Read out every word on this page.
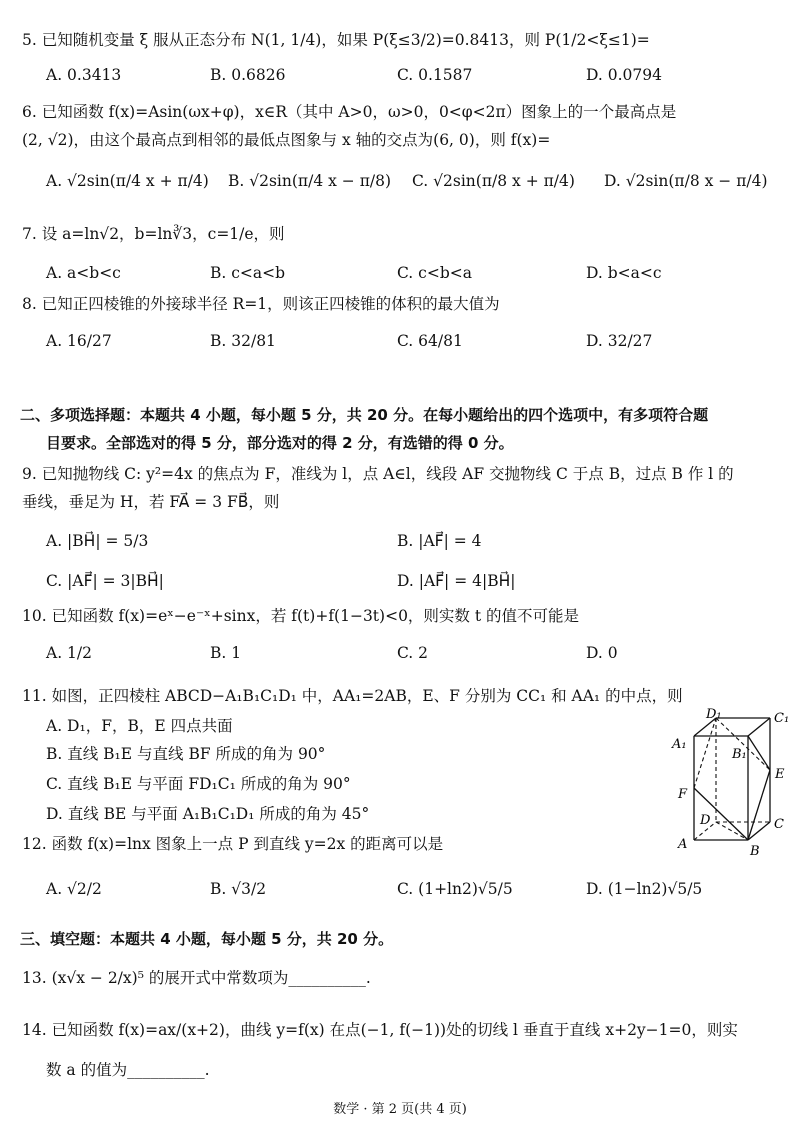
5. 已知随机变量 ξ 服从正态分布 N(1, 1/4)，如果 P(ξ≤3/2)=0.8413，则 P(1/2<ξ≤1)=
A. 0.3413	B. 0.6826	C. 0.1587	D. 0.0794
6. 已知函数 f(x)=Asin(ωx+φ)，x∈R（其中 A>0，ω>0，0<φ<2π）图象上的一个最高点是
(2, √2)，由这个最高点到相邻的最低点图象与 x 轴的交点为(6, 0)，则 f(x)=
A. √2sin(π/4 x + π/4) B. √2sin(π/4 x − π/8) C. √2sin(π/8 x + π/4) D. √2sin(π/8 x − π/4)
7. 设 a=ln√2，b=ln∛3，c=1/e，则
A. a<b<c	B. c<a<b	C. c<b<a	D. b<a<c
8. 已知正四棱锥的外接球半径 R=1，则该正四棱锥的体积的最大值为
A. 16/27	B. 32/81	C. 64/81	D. 32/27
二、多项选择题：本题共 4 小题，每小题 5 分，共 20 分。在每小题给出的四个选项中，有多项符合题
目要求。全部选对的得 5 分，部分选对的得 2 分，有选错的得 0 分。
9. 已知抛物线 C: y²=4x 的焦点为 F，准线为 l，点 A∈l，线段 AF 交抛物线 C 于点 B，过点 B 作 l 的
垂线，垂足为 H，若 FA⃗ = 3 FB⃗，则
A. |BH⃗| = 5/3	B. |AF⃗| = 4
C. |AF⃗| = 3|BH⃗|	D. |AF⃗| = 4|BH⃗|
10. 已知函数 f(x)=eˣ−e⁻ˣ+sinx，若 f(t)+f(1−3t)<0，则实数 t 的值不可能是
A. 1/2	B. 1	C. 2	D. 0
11. 如图，正四棱柱 ABCD−A₁B₁C₁D₁ 中，AA₁=2AB，E、F 分别为 CC₁ 和 AA₁ 的中点，则
A. D₁，F，B，E 四点共面
B. 直线 B₁E 与直线 BF 所成的角为 90°
C. 直线 B₁E 与平面 FD₁C₁ 所成的角为 90°
D. 直线 BE 与平面 A₁B₁C₁D₁ 所成的角为 45°
D₁	C₁
A₁
B₁
E
F
D	C
A	B
12. 函数 f(x)=lnx 图象上一点 P 到直线 y=2x 的距离可以是
A. √2/2	B. √3/2	C. (1+ln2)√5/5	D. (1−ln2)√5/5
三、填空题：本题共 4 小题，每小题 5 分，共 20 分。
13. (x√x − 2/x)⁵ 的展开式中常数项为__________.
14. 已知函数 f(x)=ax/(x+2)，曲线 y=f(x) 在点(−1, f(−1))处的切线 l 垂直于直线 x+2y−1=0，则实
数 a 的值为__________.
数学 · 第 2 页(共 4 页)
